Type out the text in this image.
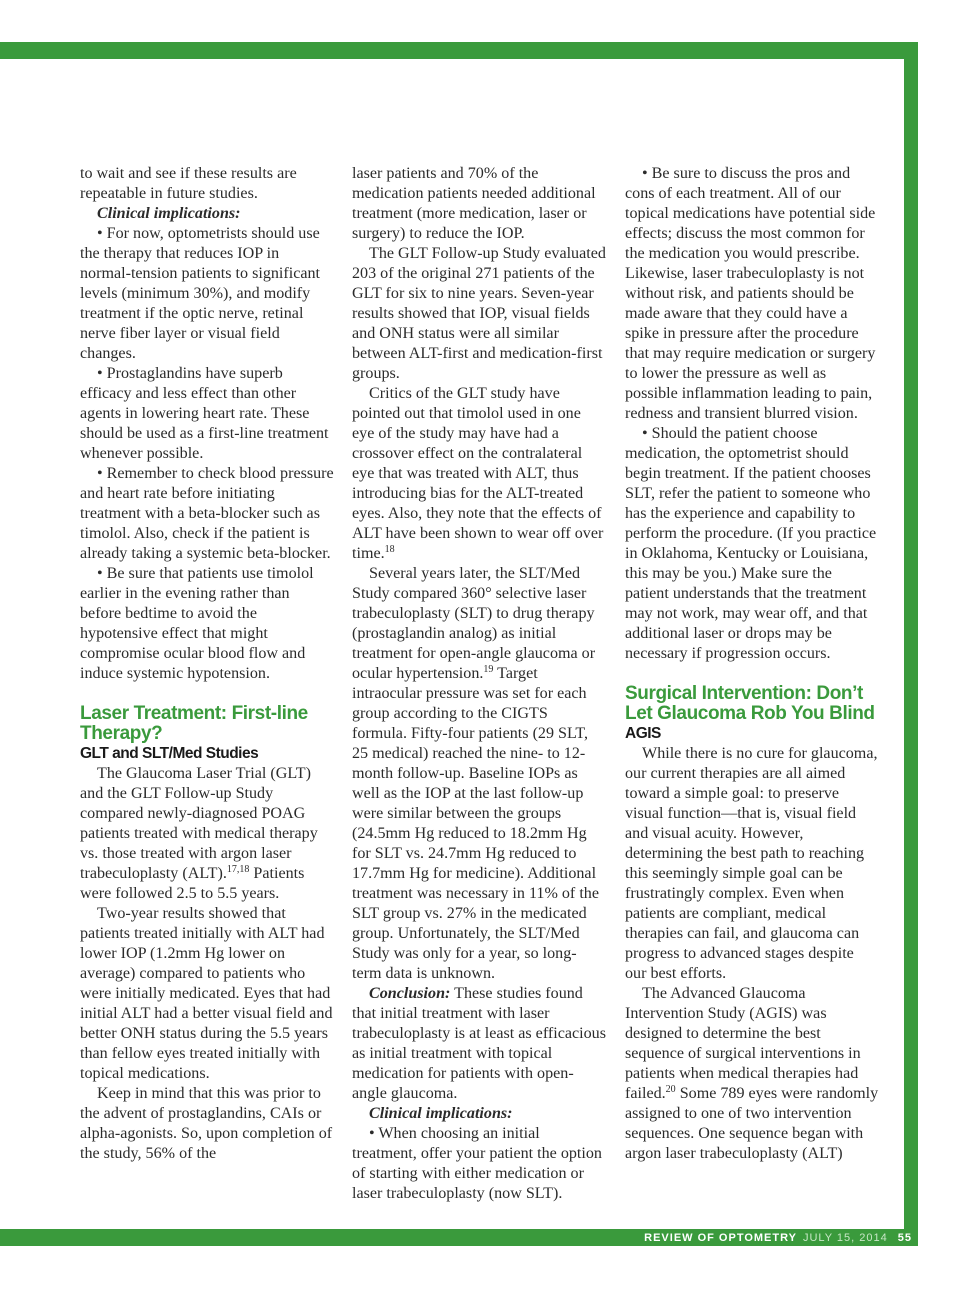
REVIEW OF OPTOMETRY JULY 15, 2014 55

to wait and see if these results are repeatable in future studies.

Clinical implications:

• For now, optometrists should use the therapy that reduces IOP in normal-tension patients to significant levels (minimum 30%), and modify treatment if the optic nerve, retinal nerve fiber layer or visual field changes.

• Prostaglandins have superb efficacy and less effect than other agents in lowering heart rate. These should be used as a first-line treatment whenever possible.

• Remember to check blood pressure and heart rate before initiating treatment with a beta-blocker such as timolol. Also, check if the patient is already taking a systemic beta-blocker.

• Be sure that patients use timolol earlier in the evening rather than before bedtime to avoid the hypotensive effect that might compromise ocular blood flow and induce systemic hypotension.

Laser Treatment: First-line Therapy?
GLT and SLT/Med Studies

The Glaucoma Laser Trial (GLT) and the GLT Follow-up Study compared newly-diagnosed POAG patients treated with medical therapy vs. those treated with argon laser trabeculoplasty (ALT).$^{17,18}$ Patients were followed 2.5 to 5.5 years.

Two-year results showed that patients treated initially with ALT had lower IOP (1.2mm Hg lower on average) compared to patients who were initially medicated. Eyes that had initial ALT had a better visual field and better ONH status during the 5.5 years than fellow eyes treated initially with topical medications.

Keep in mind that this was prior to the advent of prostaglandins, CAIs or alpha-agonists. So, upon completion of the study, 56% of the

laser patients and 70% of the medication patients needed additional treatment (more medication, laser or surgery) to reduce the IOP.

The GLT Follow-up Study evaluated 203 of the original 271 patients of the GLT for six to nine years. Seven-year results showed that IOP, visual fields and ONH status were all similar between ALT-first and medication-first groups.

Critics of the GLT study have pointed out that timolol used in one eye of the study may have had a crossover effect on the contralateral eye that was treated with ALT, thus introducing bias for the ALT-treated eyes. Also, they note that the effects of ALT have been shown to wear off over time.$^{18}$

Several years later, the SLT/Med Study compared 360° selective laser trabeculoplasty (SLT) to drug therapy (prostaglandin analog) as initial treatment for open-angle glaucoma or ocular hypertension.$^{19}$ Target intraocular pressure was set for each group according to the CIGTS formula. Fifty-four patients (29 SLT, 25 medical) reached the nine- to 12-month follow-up. Baseline IOPs as well as the IOP at the last follow-up were similar between the groups (24.5mm Hg reduced to 18.2mm Hg for SLT vs. 24.7mm Hg reduced to 17.7mm Hg for medicine). Additional treatment was necessary in 11% of the SLT group vs. 27% in the medicated group. Unfortunately, the SLT/Med Study was only for a year, so long-term data is unknown.

Conclusion: These studies found that initial treatment with laser trabeculoplasty is at least as efficacious as initial treatment with topical medication for patients with open-angle glaucoma.

Clinical implications:

• When choosing an initial treatment, offer your patient the option of starting with either medication or laser trabeculoplasty (now SLT).

• Be sure to discuss the pros and cons of each treatment. All of our topical medications have potential side effects; discuss the most common for the medication you would prescribe. Likewise, laser trabeculoplasty is not without risk, and patients should be made aware that they could have a spike in pressure after the procedure that may require medication or surgery to lower the pressure as well as possible inflammation leading to pain, redness and transient blurred vision.

• Should the patient choose medication, the optometrist should begin treatment. If the patient chooses SLT, refer the patient to someone who has the experience and capability to perform the procedure. (If you practice in Oklahoma, Kentucky or Louisiana, this may be you.) Make sure the patient understands that the treatment may not work, may wear off, and that additional laser or drops may be necessary if progression occurs.

Surgical Intervention: Don’t Let Glaucoma Rob You Blind
AGIS

While there is no cure for glaucoma, our current therapies are all aimed toward a simple goal: to preserve visual function—that is, visual field and visual acuity. However, determining the best path to reaching this seemingly simple goal can be frustratingly complex. Even when patients are compliant, medical therapies can fail, and glaucoma can progress to advanced stages despite our best efforts.

The Advanced Glaucoma Intervention Study (AGIS) was designed to determine the best sequence of surgical interventions in patients when medical therapies had failed.$^{20}$ Some 789 eyes were randomly assigned to one of two intervention sequences. One sequence began with argon laser trabeculoplasty (ALT)
